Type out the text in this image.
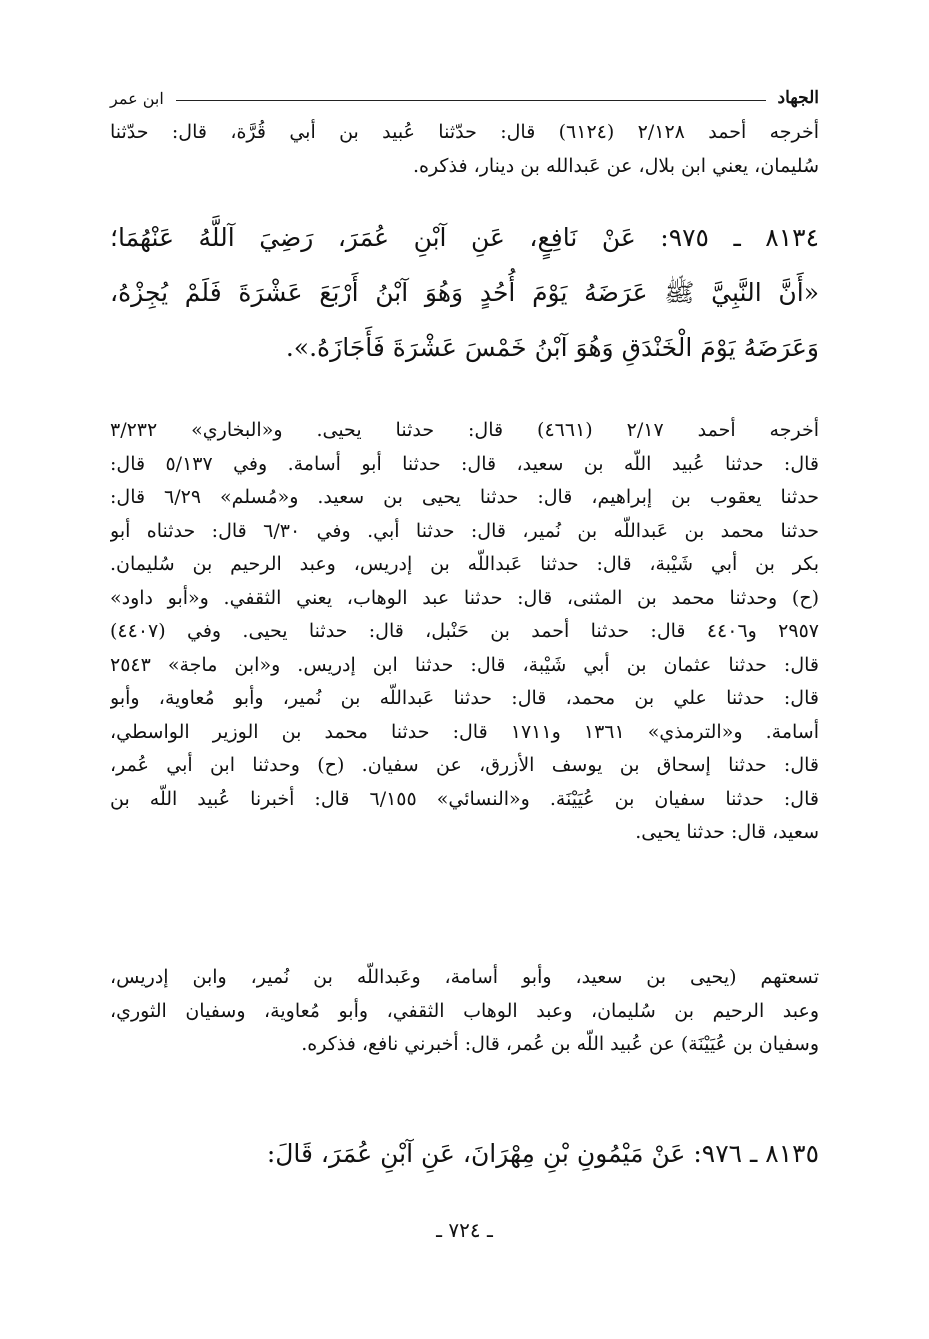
الجهاد
ابن عمر
أخرجه أحمد ٢/١٢٨ (٦١٢٤) قال: حدّثنا عُبيد بن أبي قُرَّة، قال: حدّثنا
سُليمان، يعني ابن بلال، عن عَبدالله بن دينار، فذكره.
٨١٣٤ ـ ٩٧٥: عَنْ نَافِعٍ، عَنِ آبْنِ عُمَرَ، رَضِيَ آللَّهُ عَنْهُمَا؛
«أَنَّ النَّبِيَّ ﷺ عَرَضَهُ يَوْمَ أُحُدٍ وَهُوَ آبْنُ أَرْبَعَ عَشْرَةَ فَلَمْ يُجِزْهُ،
وَعَرَضَهُ يَوْمَ الْخَنْدَقِ وَهُوَ آبْنُ خَمْسَ عَشْرَةَ فَأَجَازَهُ.».
أخرجه أحمد ٢/١٧ (٤٦٦١) قال: حدثنا يحيى. و«البخاري» ٣/٢٣٢
قال: حدثنا عُبيد اللّه بن سعيد، قال: حدثنا أبو أسامة. وفي ٥/١٣٧ قال:
حدثنا يعقوب بن إبراهيم، قال: حدثنا يحيى بن سعيد. و«مُسلم» ٦/٢٩ قال:
حدثنا محمد بن عَبداللّه بن نُمير، قال: حدثنا أبي. وفي ٦/٣٠ قال: حدثناه أبو
بكر بن أبي شَيْبة، قال: حدثنا عَبداللّه بن إدريس، وعبد الرحيم بن سُليمان.
(ح) وحدثنا محمد بن المثنى، قال: حدثنا عبد الوهاب، يعني الثقفي. و«أبو داود»
٢٩٥٧ و٤٤٠٦ قال: حدثنا أحمد بن حَنْبل، قال: حدثنا يحيى. وفي (٤٤٠٧)
قال: حدثنا عثمان بن أبي شَيْبة، قال: حدثنا ابن إدريس. و«ابن ماجة» ٢٥٤٣
قال: حدثنا علي بن محمد، قال: حدثنا عَبداللّه بن نُمير، وأبو مُعاوية، وأبو
أسامة. و«الترمذي» ١٣٦١ و١٧١١ قال: حدثنا محمد بن الوزير الواسطي،
قال: حدثنا إسحاق بن يوسف الأزرق، عن سفيان. (ح) وحدثنا ابن أبي عُمر،
قال: حدثنا سفيان بن عُيَيْنَة. و«النسائي» ٦/١٥٥ قال: أخبرنا عُبيد اللّه بن
سعيد، قال: حدثنا يحيى.
تسعتهم (يحيى بن سعيد، وأبو أسامة، وعَبداللّه بن نُمير، وابن إدريس،
وعبد الرحيم بن سُليمان، وعبد الوهاب الثقفي، وأبو مُعاوية، وسفيان الثوري،
وسفيان بن عُيَيْنَة) عن عُبيد اللّه بن عُمر، قال: أخبرني نافع، فذكره.
٨١٣٥ ـ ٩٧٦: عَنْ مَيْمُونِ بْنِ مِهْرَانَ، عَنِ آبْنِ عُمَرَ، قَالَ:
ـ ٧٢٤ ـ
